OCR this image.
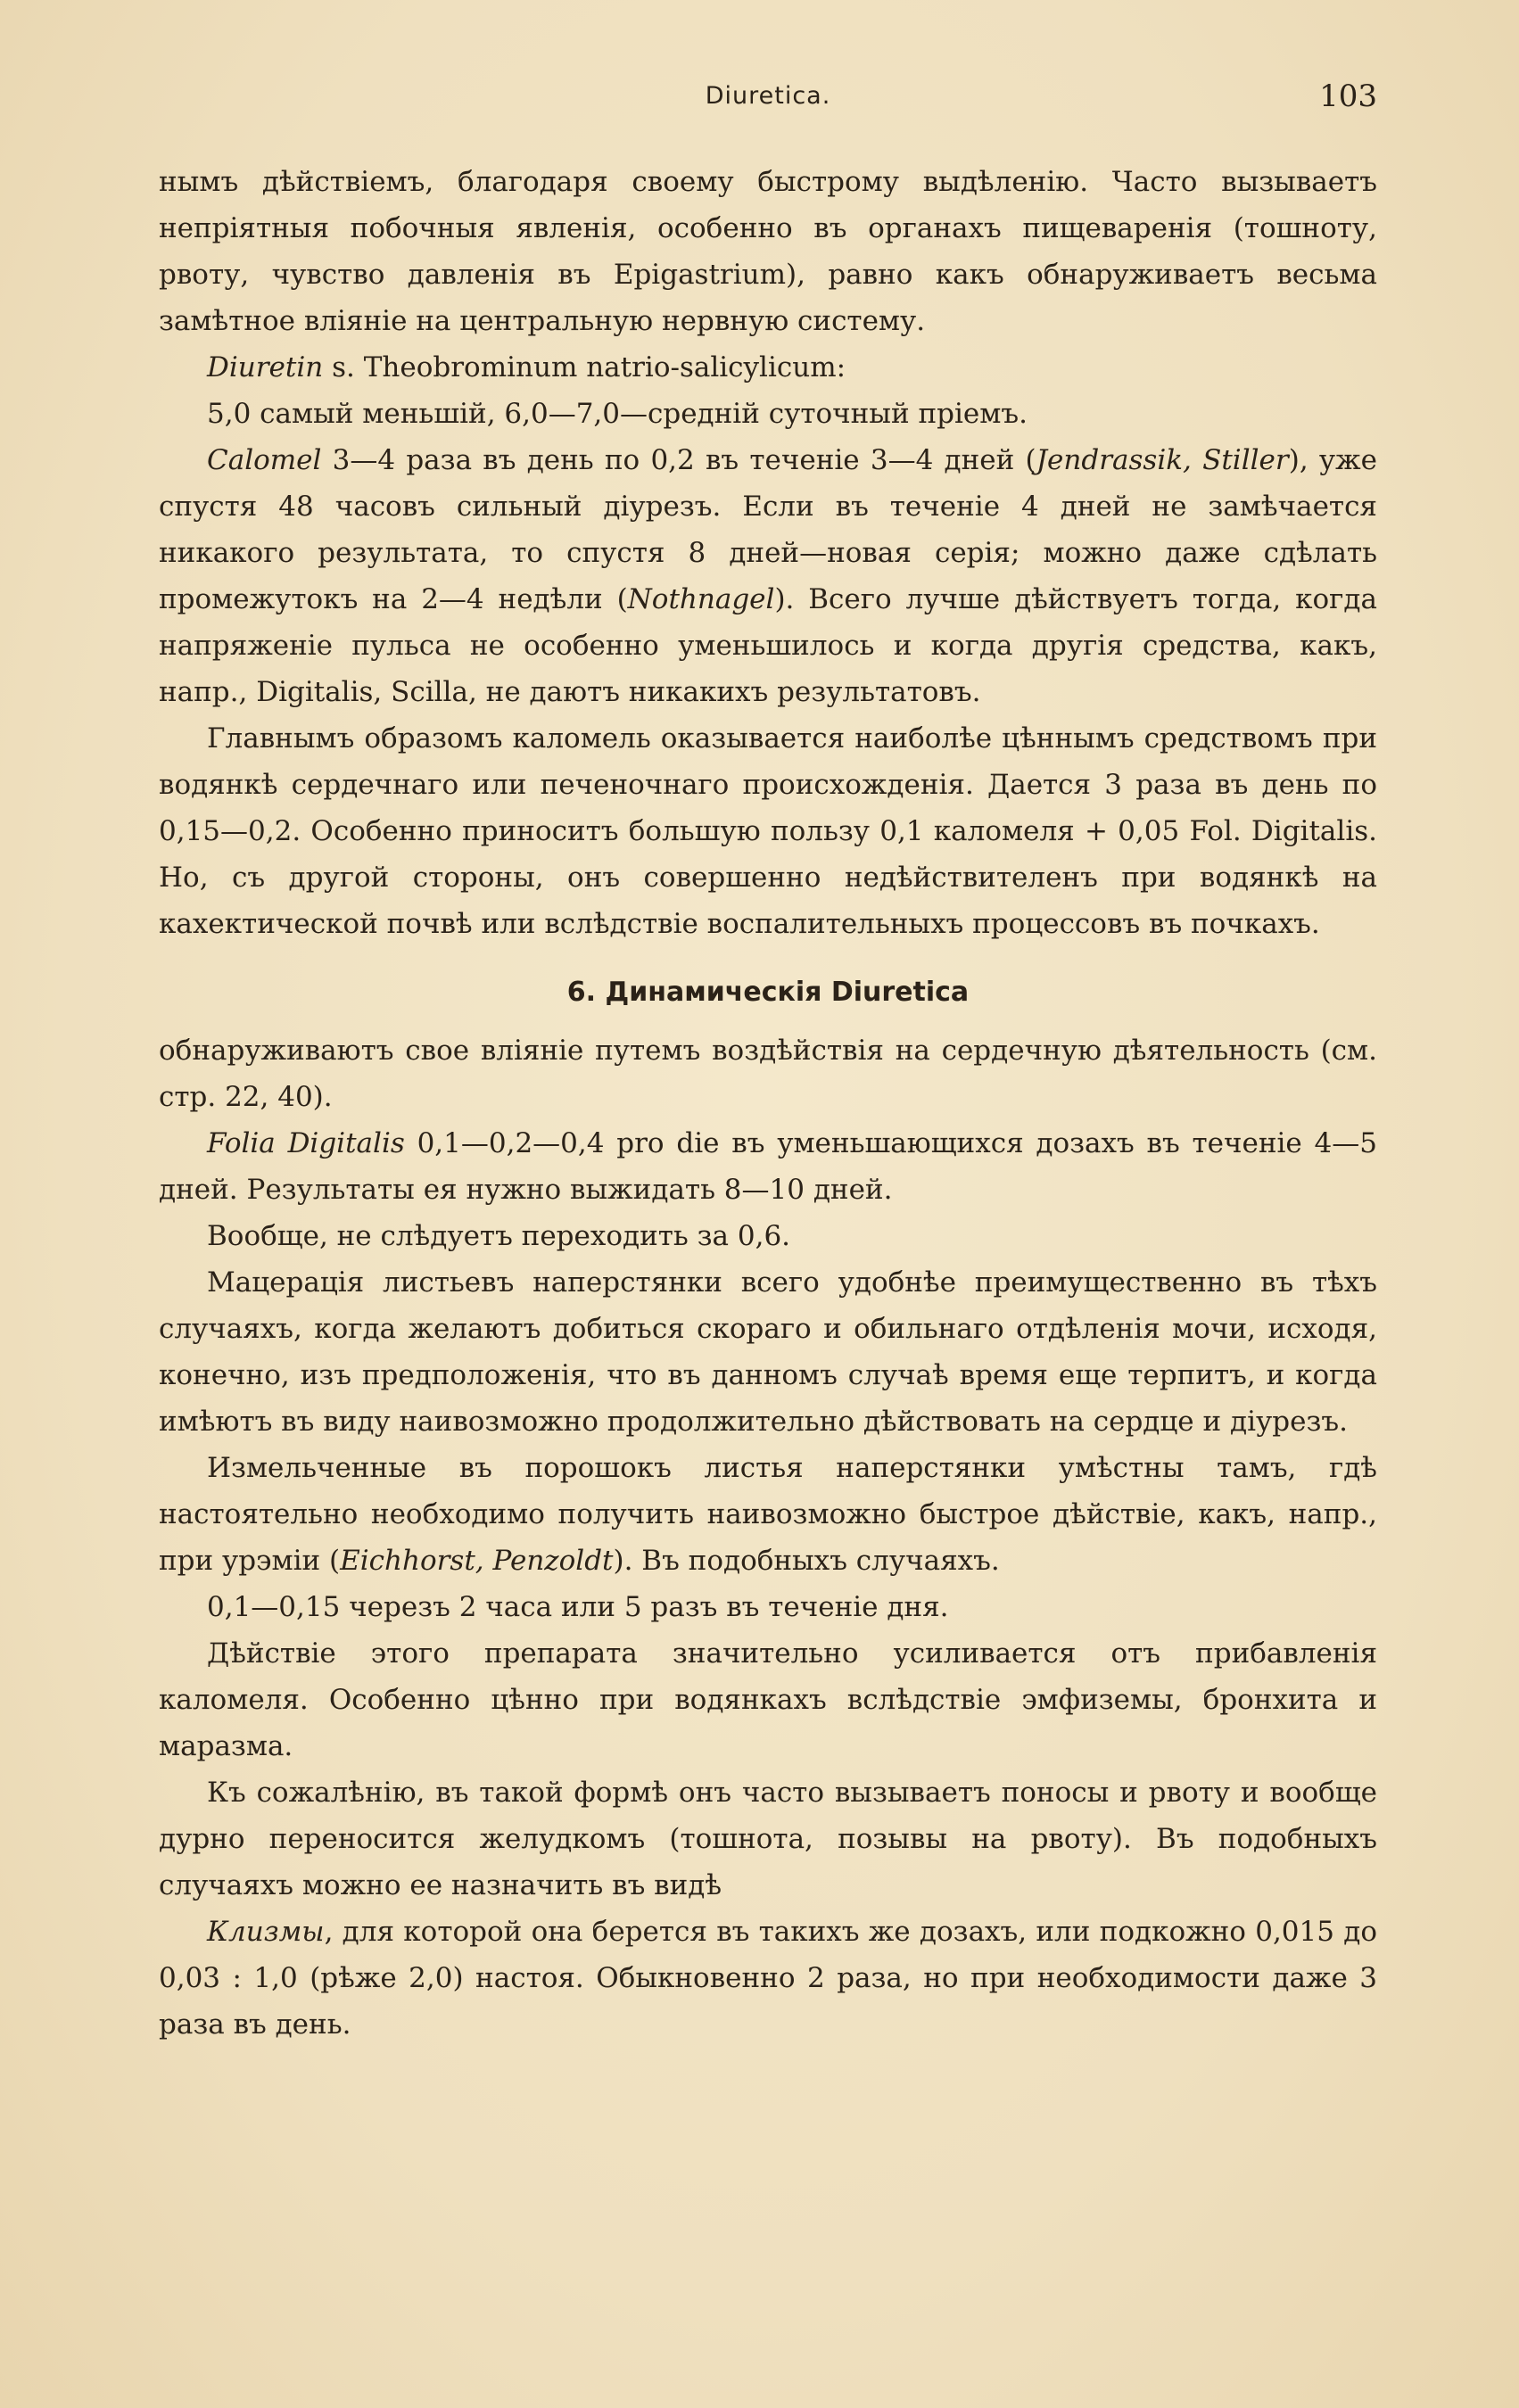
Diuretica.	103

нымъ дѣйствіемъ, благодаря своему быстрому выдѣленію. Часто вызываетъ непріятныя побочныя явленія, особенно въ органахъ пищеваренія (тошноту, рвоту, чувство давленія въ Epigastrium), равно какъ обнаруживаетъ весьма замѣтное вліяніе на центральную нервную систему.

Diuretin s. Theobrominum natrio-salicylicum:

5,0 самый меньшій, 6,0—7,0—средній суточный пріемъ.

Calomel 3—4 раза въ день по 0,2 въ теченіе 3—4 дней (Jendrassik, Stiller), уже спустя 48 часовъ сильный діурезъ. Если въ теченіе 4 дней не замѣчается никакого результата, то спустя 8 дней—новая серія; можно даже сдѣлать промежутокъ на 2—4 недѣли (Nothnagel). Всего лучше дѣйствуетъ тогда, когда напряженіе пульса не особенно уменьшилось и когда другія средства, какъ, напр., Digitalis, Scilla, не даютъ никакихъ результатовъ.

Главнымъ образомъ каломель оказывается наиболѣе цѣннымъ средствомъ при водянкѣ сердечнаго или печеночнаго происхожденія. Дается 3 раза въ день по 0,15—0,2. Особенно приноситъ большую пользу 0,1 каломеля + 0,05 Fol. Digitalis. Но, съ другой стороны, онъ совершенно недѣйствителенъ при водянкѣ на кахектической почвѣ или вслѣдствіе воспалительныхъ процессовъ въ почкахъ.

6. Динамическія Diuretica

обнаруживаютъ свое вліяніе путемъ воздѣйствія на сердечную дѣятельность (см. стр. 22, 40).

Folia Digitalis 0,1—0,2—0,4 pro die въ уменьшающихся дозахъ въ теченіе 4—5 дней. Результаты ея нужно выжидать 8—10 дней.

Вообще, не слѣдуетъ переходить за 0,6.

Мацерація листьевъ наперстянки всего удобнѣе преимущественно въ тѣхъ случаяхъ, когда желаютъ добиться скораго и обильнаго отдѣленія мочи, исходя, конечно, изъ предположенія, что въ данномъ случаѣ время еще терпитъ, и когда имѣютъ въ виду наивозможно продолжительно дѣйствовать на сердце и діурезъ.

Измельченные въ порошокъ листья наперстянки умѣстны тамъ, гдѣ настоятельно необходимо получить наивозможно быстрое дѣйствіе, какъ, напр., при урэміи (Eichhorst, Penzoldt). Въ подобныхъ случаяхъ.

0,1—0,15 черезъ 2 часа или 5 разъ въ теченіе дня.

Дѣйствіе этого препарата значительно усиливается отъ прибавленія каломеля. Особенно цѣнно при водянкахъ вслѣдствіе эмфиземы, бронхита и маразма.

Къ сожалѣнію, въ такой формѣ онъ часто вызываетъ поносы и рвоту и вообще дурно переносится желудкомъ (тошнота, позывы на рвоту). Въ подобныхъ случаяхъ можно ее назначить въ видѣ

Клизмы, для которой она берется въ такихъ же дозахъ, или подкожно 0,015 до 0,03 : 1,0 (рѣже 2,0) настоя. Обыкновенно 2 раза, но при необходимости даже 3 раза въ день.
